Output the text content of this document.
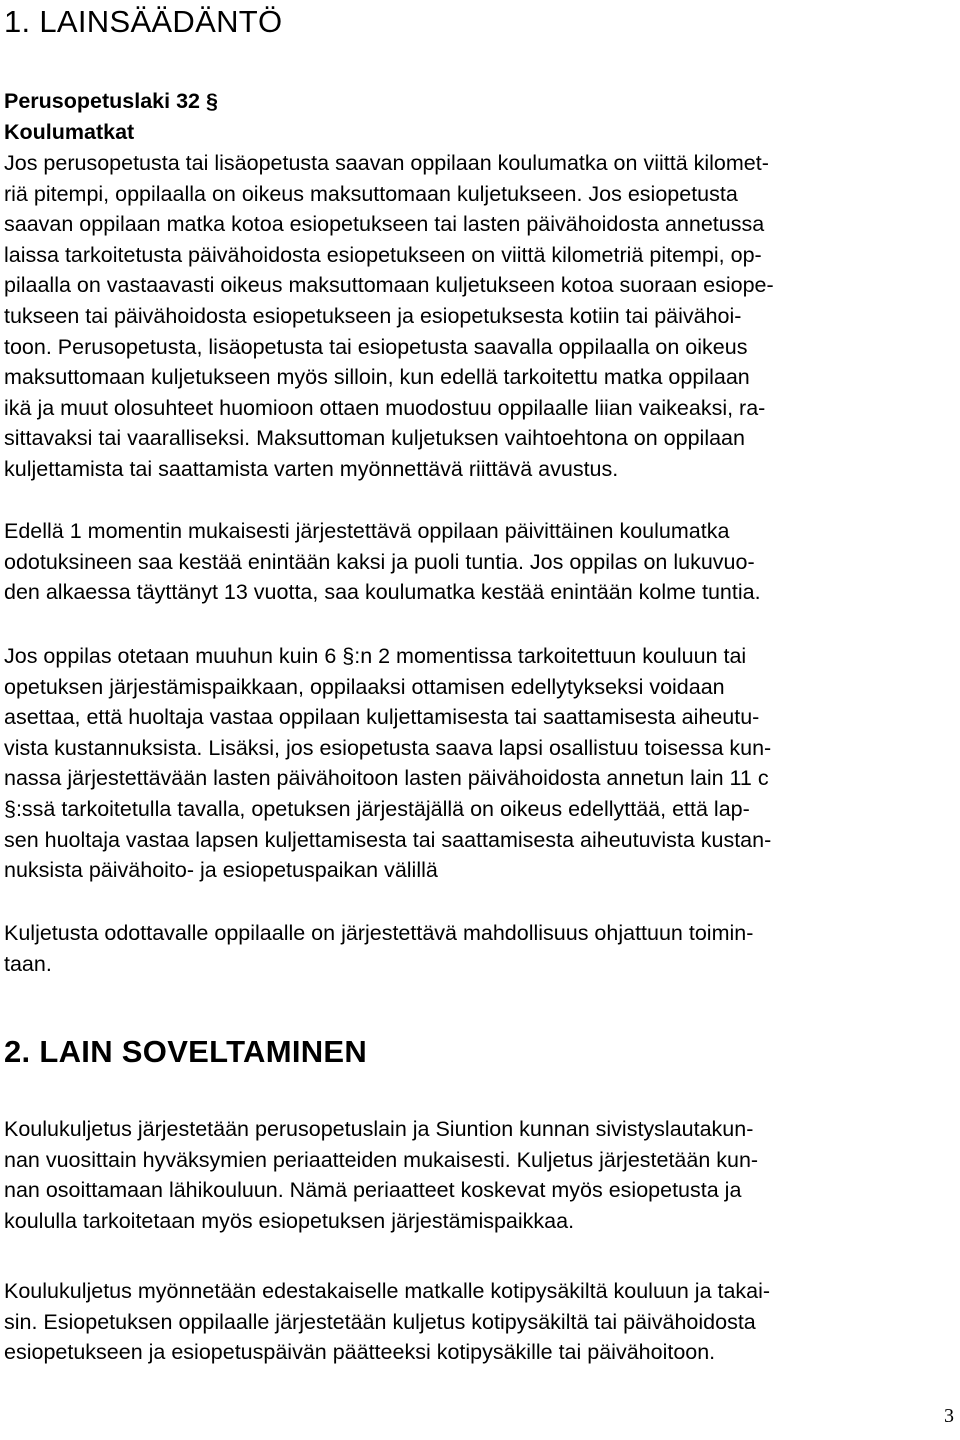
1. LAINSÄÄDÄNTÖ
Perusopetuslaki 32 §
Koulumatkat

Jos perusopetusta tai lisäopetusta saavan oppilaan koulumatka on viittä kilomet-
riä pitempi, oppilaalla on oikeus maksuttomaan kuljetukseen. Jos esiopetusta
saavan oppilaan matka kotoa esiopetukseen tai lasten päivähoidosta annetussa
laissa tarkoitetusta päivähoidosta esiopetukseen on viittä kilometriä pitempi, op-
pilaalla on vastaavasti oikeus maksuttomaan kuljetukseen kotoa suoraan esiope-
tukseen tai päivähoidosta esiopetukseen ja esiopetuksesta kotiin tai päivähoi-
toon. Perusopetusta, lisäopetusta tai esiopetusta saavalla oppilaalla on oikeus
maksuttomaan kuljetukseen myös silloin, kun edellä tarkoitettu matka oppilaan
ikä ja muut olosuhteet huomioon ottaen muodostuu oppilaalle liian vaikeaksi, ra-
sittavaksi tai vaaralliseksi. Maksuttoman kuljetuksen vaihtoehtona on oppilaan
kuljettamista tai saattamista varten myönnettävä riittävä avustus.

Edellä 1 momentin mukaisesti järjestettävä oppilaan päivittäinen koulumatka
odotuksineen saa kestää enintään kaksi ja puoli tuntia. Jos oppilas on lukuvuo-
den alkaessa täyttänyt 13 vuotta, saa koulumatka kestää enintään kolme tuntia.

Jos oppilas otetaan muuhun kuin 6 §:n 2 momentissa tarkoitettuun kouluun tai
opetuksen järjestämispaikkaan, oppilaaksi ottamisen edellytykseksi voidaan
asettaa, että huoltaja vastaa oppilaan kuljettamisesta tai saattamisesta aiheutu-
vista kustannuksista. Lisäksi, jos esiopetusta saava lapsi osallistuu toisessa kun-
nassa järjestettävään lasten päivähoitoon lasten päivähoidosta annetun lain 11 c
§:ssä tarkoitetulla tavalla, opetuksen järjestäjällä on oikeus edellyttää, että lap-
sen huoltaja vastaa lapsen kuljettamisesta tai saattamisesta aiheutuvista kustan-
nuksista päivähoito- ja esiopetuspaikan välillä

Kuljetusta odottavalle oppilaalle on järjestettävä mahdollisuus ohjattuun toimin-
taan.

2. LAIN SOVELTAMINEN

Koulukuljetus järjestetään perusopetuslain ja Siuntion kunnan sivistyslautakun-
nan vuosittain hyväksymien periaatteiden mukaisesti. Kuljetus järjestetään kun-
nan osoittamaan lähikouluun. Nämä periaatteet koskevat myös esiopetusta ja
koululla tarkoitetaan myös esiopetuksen järjestämispaikkaa.

Koulukuljetus myönnetään edestakaiselle matkalle kotipysäkiltä kouluun ja takai-
sin. Esiopetuksen oppilaalle järjestetään kuljetus kotipysäkiltä tai päivähoidosta
esiopetukseen ja esiopetuspäivän päätteeksi kotipysäkille tai päivähoitoon.

3
